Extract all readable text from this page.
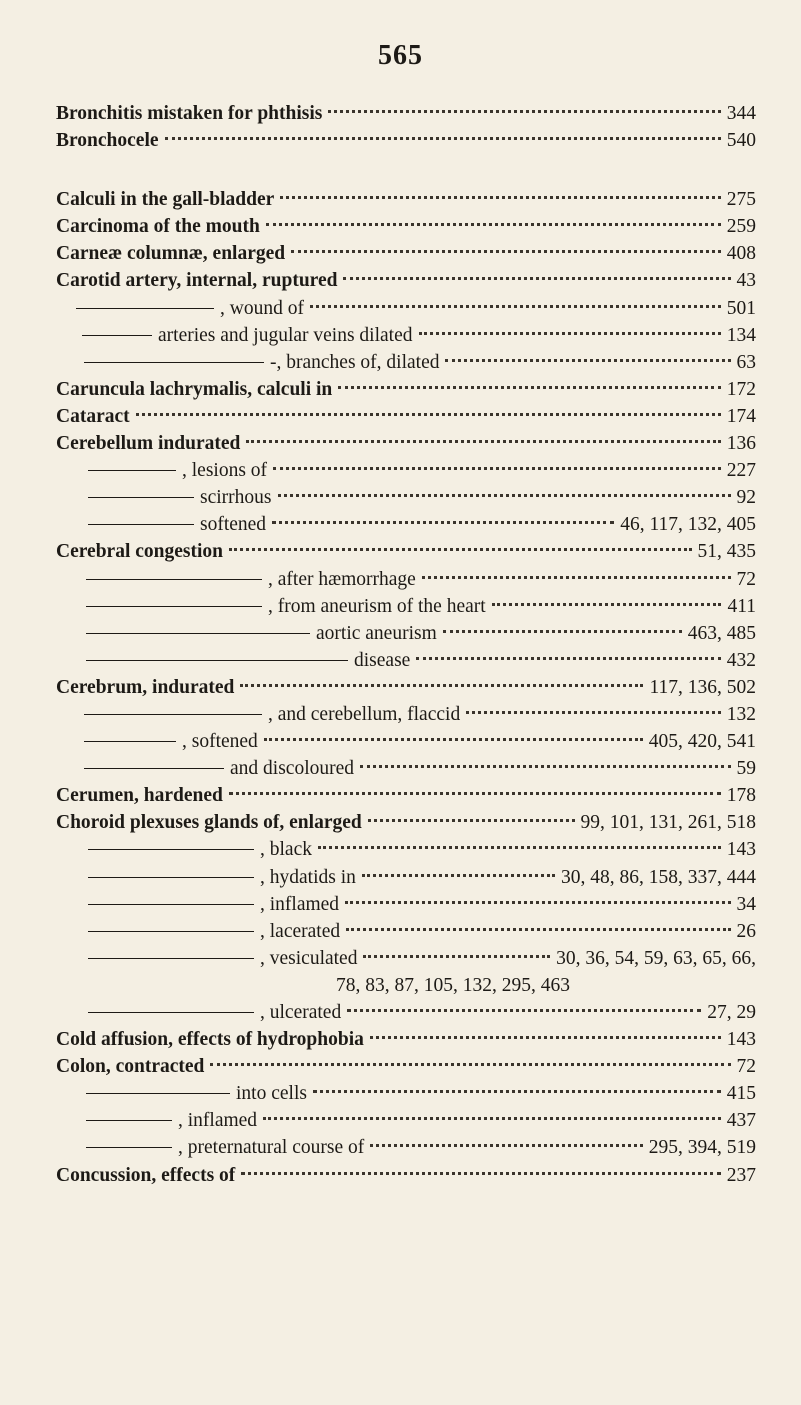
565
Bronchitis mistaken for phthisis	344
Bronchocele	540
Calculi in the gall-bladder	275
Carcinoma of the mouth	259
Carneæ columnæ, enlarged	408
Carotid artery, internal, ruptured	43
, wound of	501
arteries and jugular veins dilated	134
-, branches of, dilated	63
Caruncula lachrymalis, calculi in	172
Cataract	174
Cerebellum indurated	136
, lesions of	227
scirrhous	92
softened	46, 117, 132, 405
Cerebral congestion	51, 435
, after hæmorrhage	72
, from aneurism of the heart	411
aortic aneurism	463, 485
disease	432
Cerebrum, indurated	117, 136, 502
, and cerebellum, flaccid	132
, softened	405, 420, 541
and discoloured	59
Cerumen, hardened	178
Choroid plexuses glands of, enlarged	99, 101, 131, 261, 518
, black	143
, hydatids in	30, 48, 86, 158, 337, 444
, inflamed	34
, lacerated	26
, vesiculated	30, 36, 54, 59, 63, 65, 66,
78, 83, 87, 105, 132, 295, 463
, ulcerated	27, 29
Cold affusion, effects of hydrophobia	143
Colon, contracted	72
into cells	415
, inflamed	437
, preternatural course of	295, 394, 519
Concussion, effects of	237
